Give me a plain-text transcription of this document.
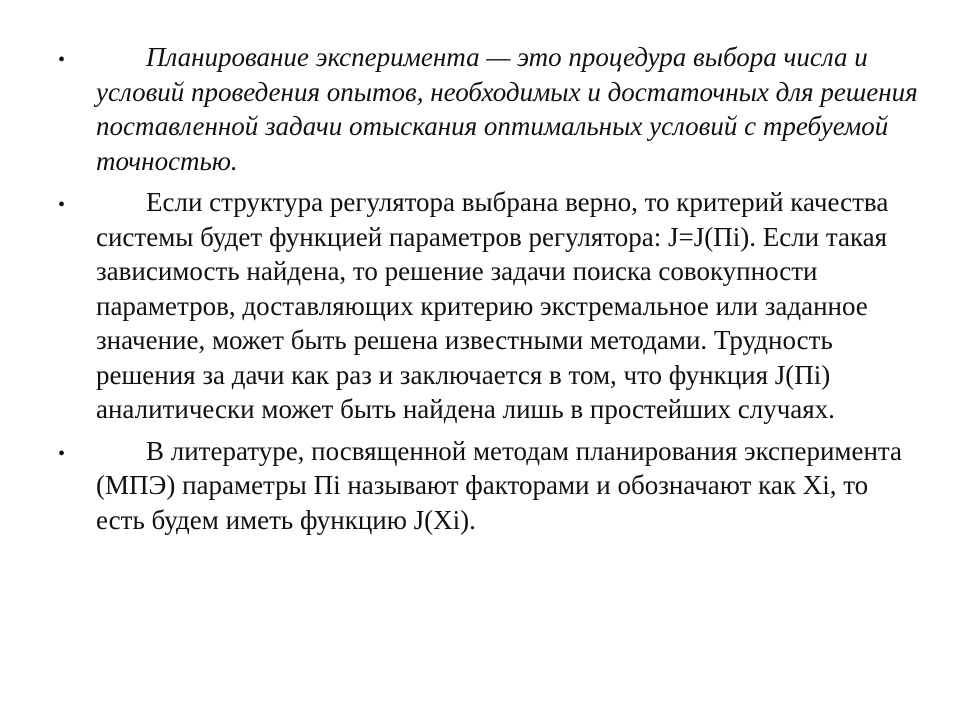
•	Планирование эксперимента — это процедура выбора числа и условий проведения опытов, необходимых и достаточных для решения поставленной задачи отыскания оптимальных условий с требуемой точностью.

•	Если структура регулятора выбрана верно, то критерий качества системы будет функцией параметров регулятора: J=J(Пi). Если такая зависимость найдена, то решение задачи поиска совокупности параметров, доставляющих критерию экстремальное или заданное значение, может быть решена известными методами. Трудность решения за дачи как раз и заключается в том, что функция J(Пi) аналитически может быть найдена лишь в простейших случаях.

•	В литературе, посвященной методам планирования эксперимента (МПЭ) параметры Пi называют факторами и обозначают как Xi, то есть будем иметь функцию J(Xi).
